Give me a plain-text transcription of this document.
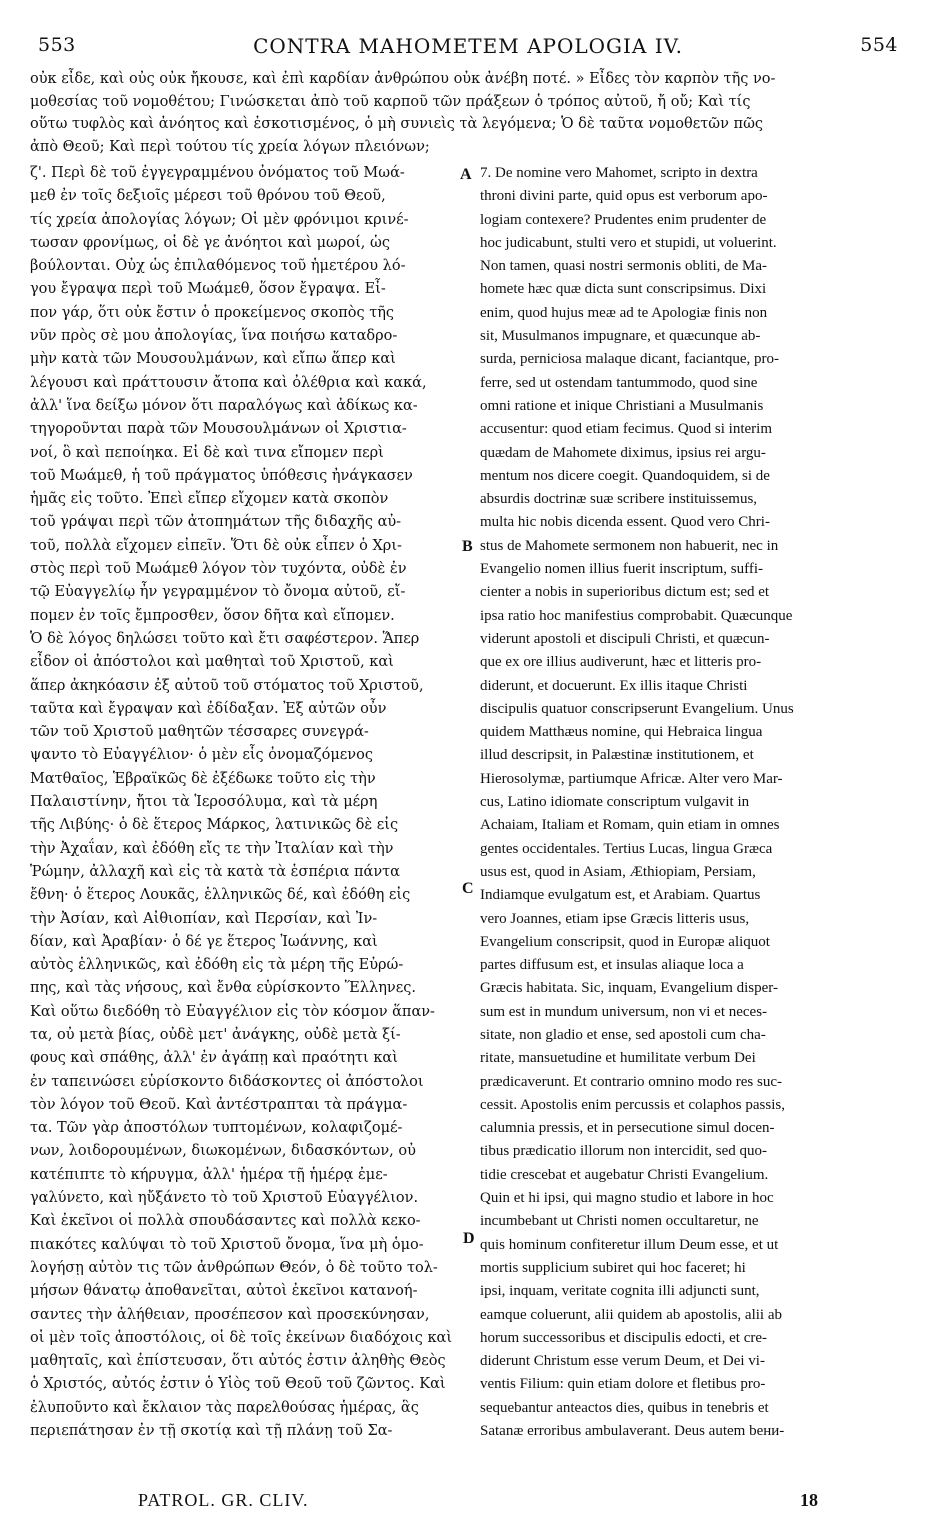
553	CONTRA MAHOMETEM APOLOGIA IV.	554
οὐκ εἶδε, καὶ οὐς οὐκ ἤκουσε, καὶ ἐπὶ καρδίαν ἀνθρώπου οὐκ ἀνέβη ποτέ. » Εἶδες τὸν καρπὸν τῆς νο-
μοθεσίας τοῦ νομοθέτου; Γινώσκεται ἀπὸ τοῦ καρποῦ τῶν πράξεων ὁ τρόπος αὐτοῦ, ἤ οὔ; Καὶ τίς
οὕτω τυφλὸς καὶ ἀνόητος καὶ ἐσκοτισμένος, ὁ μὴ συνιεὶς τὰ λεγόμενα; Ὁ δὲ ταῦτα νομοθετῶν πῶς
ἀπὸ Θεοῦ; Καὶ περὶ τούτου τίς χρεία λόγων πλειόνων;
ζ'. Περὶ δὲ τοῦ ἐγγεγραμμένου ὀνόματος τοῦ Μωά-
μεθ ἐν τοῖς δεξιοῖς μέρεσι τοῦ θρόνου τοῦ Θεοῦ,
τίς χρεία ἀπολογίας λόγων; Οἱ μὲν φρόνιμοι κρινέ-
τωσαν φρονίμως, οἱ δὲ γε ἀνόητοι καὶ μωροί, ὡς
βούλονται. Οὐχ ὡς ἐπιλαθόμενος τοῦ ἡμετέρου λό-
γου ἔγραψα περὶ τοῦ Μωάμεθ, ὅσον ἔγραψα. Εἶ-
πον γάρ, ὅτι οὐκ ἔστιν ὁ προκείμενος σκοπὸς τῆς
νῦν πρὸς σὲ μου ἀπολογίας, ἵνα ποιήσω καταδρο-
μὴν κατὰ τῶν Μουσουλμάνων, καὶ εἴπω ἅπερ καὶ
λέγουσι καὶ πράττουσιν ἄτοπα καὶ ὀλέθρια καὶ κακά,
ἀλλ' ἵνα δείξω μόνον ὅτι παραλόγως καὶ ἀδίκως κα-
τηγοροῦνται παρὰ τῶν Μουσουλμάνων οἱ Χριστια-
νοί, ὃ καὶ πεποίηκα. Εἰ δὲ καὶ τινα εἴπομεν περὶ
τοῦ Μωάμεθ, ἡ τοῦ πράγματος ὑπόθεσις ἠνάγκασεν
ἡμᾶς εἰς τοῦτο. Ἐπεὶ εἴπερ εἴχομεν κατὰ σκοπὸν
τοῦ γράψαι περὶ τῶν ἀτοπημάτων τῆς διδαχῆς αὐ-
τοῦ, πολλὰ εἴχομεν εἰπεῖν. Ὅτι δὲ οὐκ εἶπεν ὁ Χρι-
στὸς περὶ τοῦ Μωάμεθ λόγον τὸν τυχόντα, οὐδὲ ἐν
τῷ Εὐαγγελίῳ ἦν γεγραμμένον τὸ ὄνομα αὐτοῦ, εἴ-
πομεν ἐν τοῖς ἔμπροσθεν, ὅσον δῆτα καὶ εἴπομεν.
Ὁ δὲ λόγος δηλώσει τοῦτο καὶ ἔτι σαφέστερον. Ἅπερ
εἶδον οἱ ἀπόστολοι καὶ μαθηταὶ τοῦ Χριστοῦ, καὶ
ἅπερ ἀκηκόασιν ἐξ αὐτοῦ τοῦ στόματος τοῦ Χριστοῦ,
ταῦτα καὶ ἔγραψαν καὶ ἐδίδαξαν. Ἐξ αὐτῶν οὖν
τῶν τοῦ Χριστοῦ μαθητῶν τέσσαρες συνεγρά-
ψαντο τὸ Εὐαγγέλιον· ὁ μὲν εἷς ὀνομαζόμενος
Ματθαῖος, Ἑβραϊκῶς δὲ ἐξέδωκε τοῦτο εἰς τὴν
Παλαιστίνην, ἤτοι τὰ Ἱεροσόλυμα, καὶ τὰ μέρη
τῆς Λιβύης· ὁ δὲ ἕτερος Μάρκος, λατινικῶς δὲ εἰς
τὴν Ἀχαΐαν, καὶ ἐδόθη εἴς τε τὴν Ἰταλίαν καὶ τὴν
Ῥώμην, ἀλλαχῆ καὶ εἰς τὰ κατὰ τὰ ἑσπέρια πάντα
ἔθνη· ὁ ἕτερος Λουκᾶς, ἑλληνικῶς δέ, καὶ ἐδόθη εἰς
τὴν Ἀσίαν, καὶ Αἰθιοπίαν, καὶ Περσίαν, καὶ Ἰν-
δίαν, καὶ Ἀραβίαν· ὁ δέ γε ἕτερος Ἰωάννης, καὶ
αὐτὸς ἑλληνικῶς, καὶ ἐδόθη εἰς τὰ μέρη τῆς Εὐρώ-
πης, καὶ τὰς νήσους, καὶ ἔνθα εὑρίσκοντο Ἕλληνες.
Καὶ οὕτω διεδόθη τὸ Εὐαγγέλιον εἰς τὸν κόσμον ἅπαν-
τα, οὐ μετὰ βίας, οὐδὲ μετ' ἀνάγκης, οὐδὲ μετὰ ξί-
φους καὶ σπάθης, ἀλλ' ἐν ἀγάπῃ καὶ πραότητι καὶ
ἐν ταπεινώσει εὑρίσκοντο διδάσκοντες οἱ ἀπόστολοι
τὸν λόγον τοῦ Θεοῦ. Καὶ ἀντέστραπται τὰ πράγμα-
τα. Τῶν γὰρ ἀποστόλων τυπτομένων, κολαφιζομέ-
νων, λοιδορουμένων, διωκομένων, διδασκόντων, οὐ
κατέπιπτε τὸ κήρυγμα, ἀλλ' ἡμέρα τῇ ἡμέρᾳ ἐμε-
γαλύνετο, καὶ ηὔξάνετο τὸ τοῦ Χριστοῦ Εὐαγγέλιον.
Καὶ ἐκεῖνοι οἱ πολλὰ σπουδάσαντες καὶ πολλὰ κεκο-
πιακότες καλύψαι τὸ τοῦ Χριστοῦ ὄνομα, ἵνα μὴ ὁμο-
λογήσῃ αὐτὸν τις τῶν ἀνθρώπων Θεόν, ὁ δὲ τοῦτο τολ-
μήσων θάνατῳ ἀποθανεῖται, αὐτοὶ ἐκεῖνοι κατανοή-
σαντες τὴν ἀλήθειαν, προσέπεσον καὶ προσεκύνησαν,
οἱ μὲν τοῖς ἀποστόλοις, οἱ δὲ τοῖς ἐκείνων διαδόχοις καὶ
μαθηταῖς, καὶ ἐπίστευσαν, ὅτι αὐτός ἐστιν ἀληθὴς Θεὸς
ὁ Χριστός, αὐτός ἐστιν ὁ Υἱὸς τοῦ Θεοῦ τοῦ ζῶντος. Καὶ
ἐλυποῦντο καὶ ἔκλαιον τὰς παρελθούσας ἡμέρας, ἃς
περιεπάτησαν ἐν τῇ σκοτίᾳ καὶ τῇ πλάνῃ τοῦ Σα-
7. De nomine vero Mahomet, scripto in dextra
throni divini parte, quid opus est verborum apo-
logiam contexere? Prudentes enim prudenter de
hoc judicabunt, stulti vero et stupidi, ut voluerint.
Non tamen, quasi nostri sermonis obliti, de Ma-
homete hæc quæ dicta sunt conscripsimus. Dixi
enim, quod hujus meæ ad te Apologiæ finis non
sit, Musulmanos impugnare, et quæcunque ab-
surda, perniciosa malaque dicant, faciantque, pro-
ferre, sed ut ostendam tantummodo, quod sine
omni ratione et inique Christiani a Musulmanis
accusentur: quod etiam fecimus. Quod si interim
quædam de Mahomete diximus, ipsius rei argu-
mentum nos dicere coegit. Quandoquidem, si de
absurdis doctrinæ suæ scribere instituissemus,
multa hic nobis dicenda essent. Quod vero Chri-
stus de Mahomete sermonem non habuerit, nec in
Evangelio nomen illius fuerit inscriptum, suffi-
cienter a nobis in superioribus dictum est; sed et
ipsa ratio hoc manifestius comprobabit. Quæcunque
viderunt apostoli et discipuli Christi, et quæcun-
que ex ore illius audiverunt, hæc et litteris pro-
diderunt, et docuerunt. Ex illis itaque Christi
discipulis quatuor conscripserunt Evangelium. Unus
quidem Matthæus nomine, qui Hebraica lingua
illud descripsit, in Palæstinæ institutionem, et
Hierosolymæ, partiumque Africæ. Alter vero Mar-
cus, Latino idiomate conscriptum vulgavit in
Achaiam, Italiam et Romam, quin etiam in omnes
gentes occidentales. Tertius Lucas, lingua Græca
usus est, quod in Asiam, Æthiopiam, Persiam,
Indiamque evulgatum est, et Arabiam. Quartus
vero Joannes, etiam ipse Græcis litteris usus,
Evangelium conscripsit, quod in Europæ aliquot
partes diffusum est, et insulas aliaque loca a
Græcis habitata. Sic, inquam, Evangelium disper-
sum est in mundum universum, non vi et neces-
sitate, non gladio et ense, sed apostoli cum cha-
ritate, mansuetudine et humilitate verbum Dei
prædicaverunt. Et contrario omnino modo res suc-
cessit. Apostolis enim percussis et colaphos passis,
calumnia pressis, et in persecutione simul docen-
tibus prædicatio illorum non intercidit, sed quo-
tidie crescebat et augebatur Christi Evangelium.
Quin et hi ipsi, qui magno studio et labore in hoc
incumbebant ut Christi nomen occultaretur, ne
quis hominum confiteretur illum Deum esse, et ut
mortis supplicium subiret qui hoc faceret; hi
ipsi, inquam, veritate cognita illi adjuncti sunt,
eamque coluerunt, alii quidem ab apostolis, alii ab
horum successoribus et discipulis edocti, et cre-
diderunt Christum esse verum Deum, et Dei vi-
ventis Filium: quin etiam dolore et fletibus pro-
sequebantur anteactos dies, quibus in tenebris et
Satanæ erroribus ambulaverant. Deus autem bени-
A
B
C
D
PATROL. GR. CLIV.	18
